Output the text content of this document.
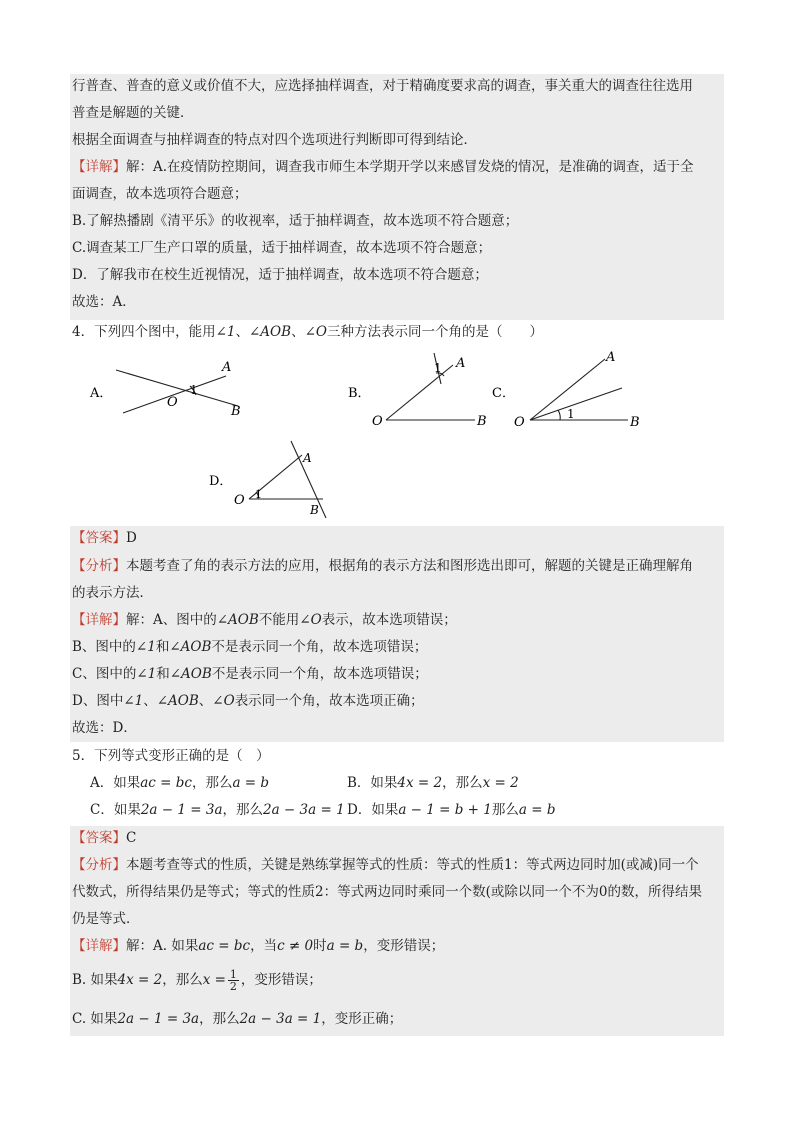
行普查、普查的意义或价值不大，应选择抽样调查，对于精确度要求高的调查，事关重大的调查往往选用
普查是解题的关键．
根据全面调查与抽样调查的特点对四个选项进行判断即可得到结论．
【详解】解：A.在疫情防控期间，调查我市师生本学期开学以来感冒发烧的情况，是准确的调查，适于全
面调查，故本选项符合题意；
B.了解热播剧《清平乐》的收视率，适于抽样调查，故本选项不符合题意；
C.调查某工厂生产口罩的质量，适于抽样调查，故本选项不符合题意；
D．了解我市在校生近视情况，适于抽样调查，故本选项不符合题意；
故选：A．
4．下列四个图中，能用∠1、∠AOB、∠O三种方法表示同一个角的是（　　）
A．
A
O
1
B
B．
A
1
O	B
C．
A
1
O	B
D．
A
1
O
B
【答案】D
【分析】本题考查了角的表示方法的应用，根据角的表示方法和图形选出即可，解题的关键是正确理解角
的表示方法．
【详解】解：A、图中的∠AOB不能用∠O表示，故本选项错误；
B、图中的∠1和∠AOB不是表示同一个角，故本选项错误；
C、图中的∠1和∠AOB不是表示同一个角，故本选项错误；
D、图中∠1、∠AOB、∠O表示同一个角，故本选项正确；
故选：D．
5．下列等式变形正确的是（　）
A．如果ac = bc，那么a = b	B．如果4x = 2，那么x = 2
C．如果2a − 1 = 3a，那么2a − 3a = 1 D．如果a − 1 = b + 1那么a = b
【答案】C
【分析】本题考查等式的性质，关键是熟练掌握等式的性质：等式的性质1：等式两边同时加(或减)同一个
代数式，所得结果仍是等式；等式的性质2：等式两边同时乘同一个数(或除以同一个不为0的数，所得结果
仍是等式．
【详解】解：A. 如果ac = bc，当c ≠ 0时a = b，变形错误；
B. 如果4x = 2，那么$x = \frac{1}{2}$ ，变形错误；
C. 如果2a − 1 = 3a，那么2a − 3a = 1，变形正确；
